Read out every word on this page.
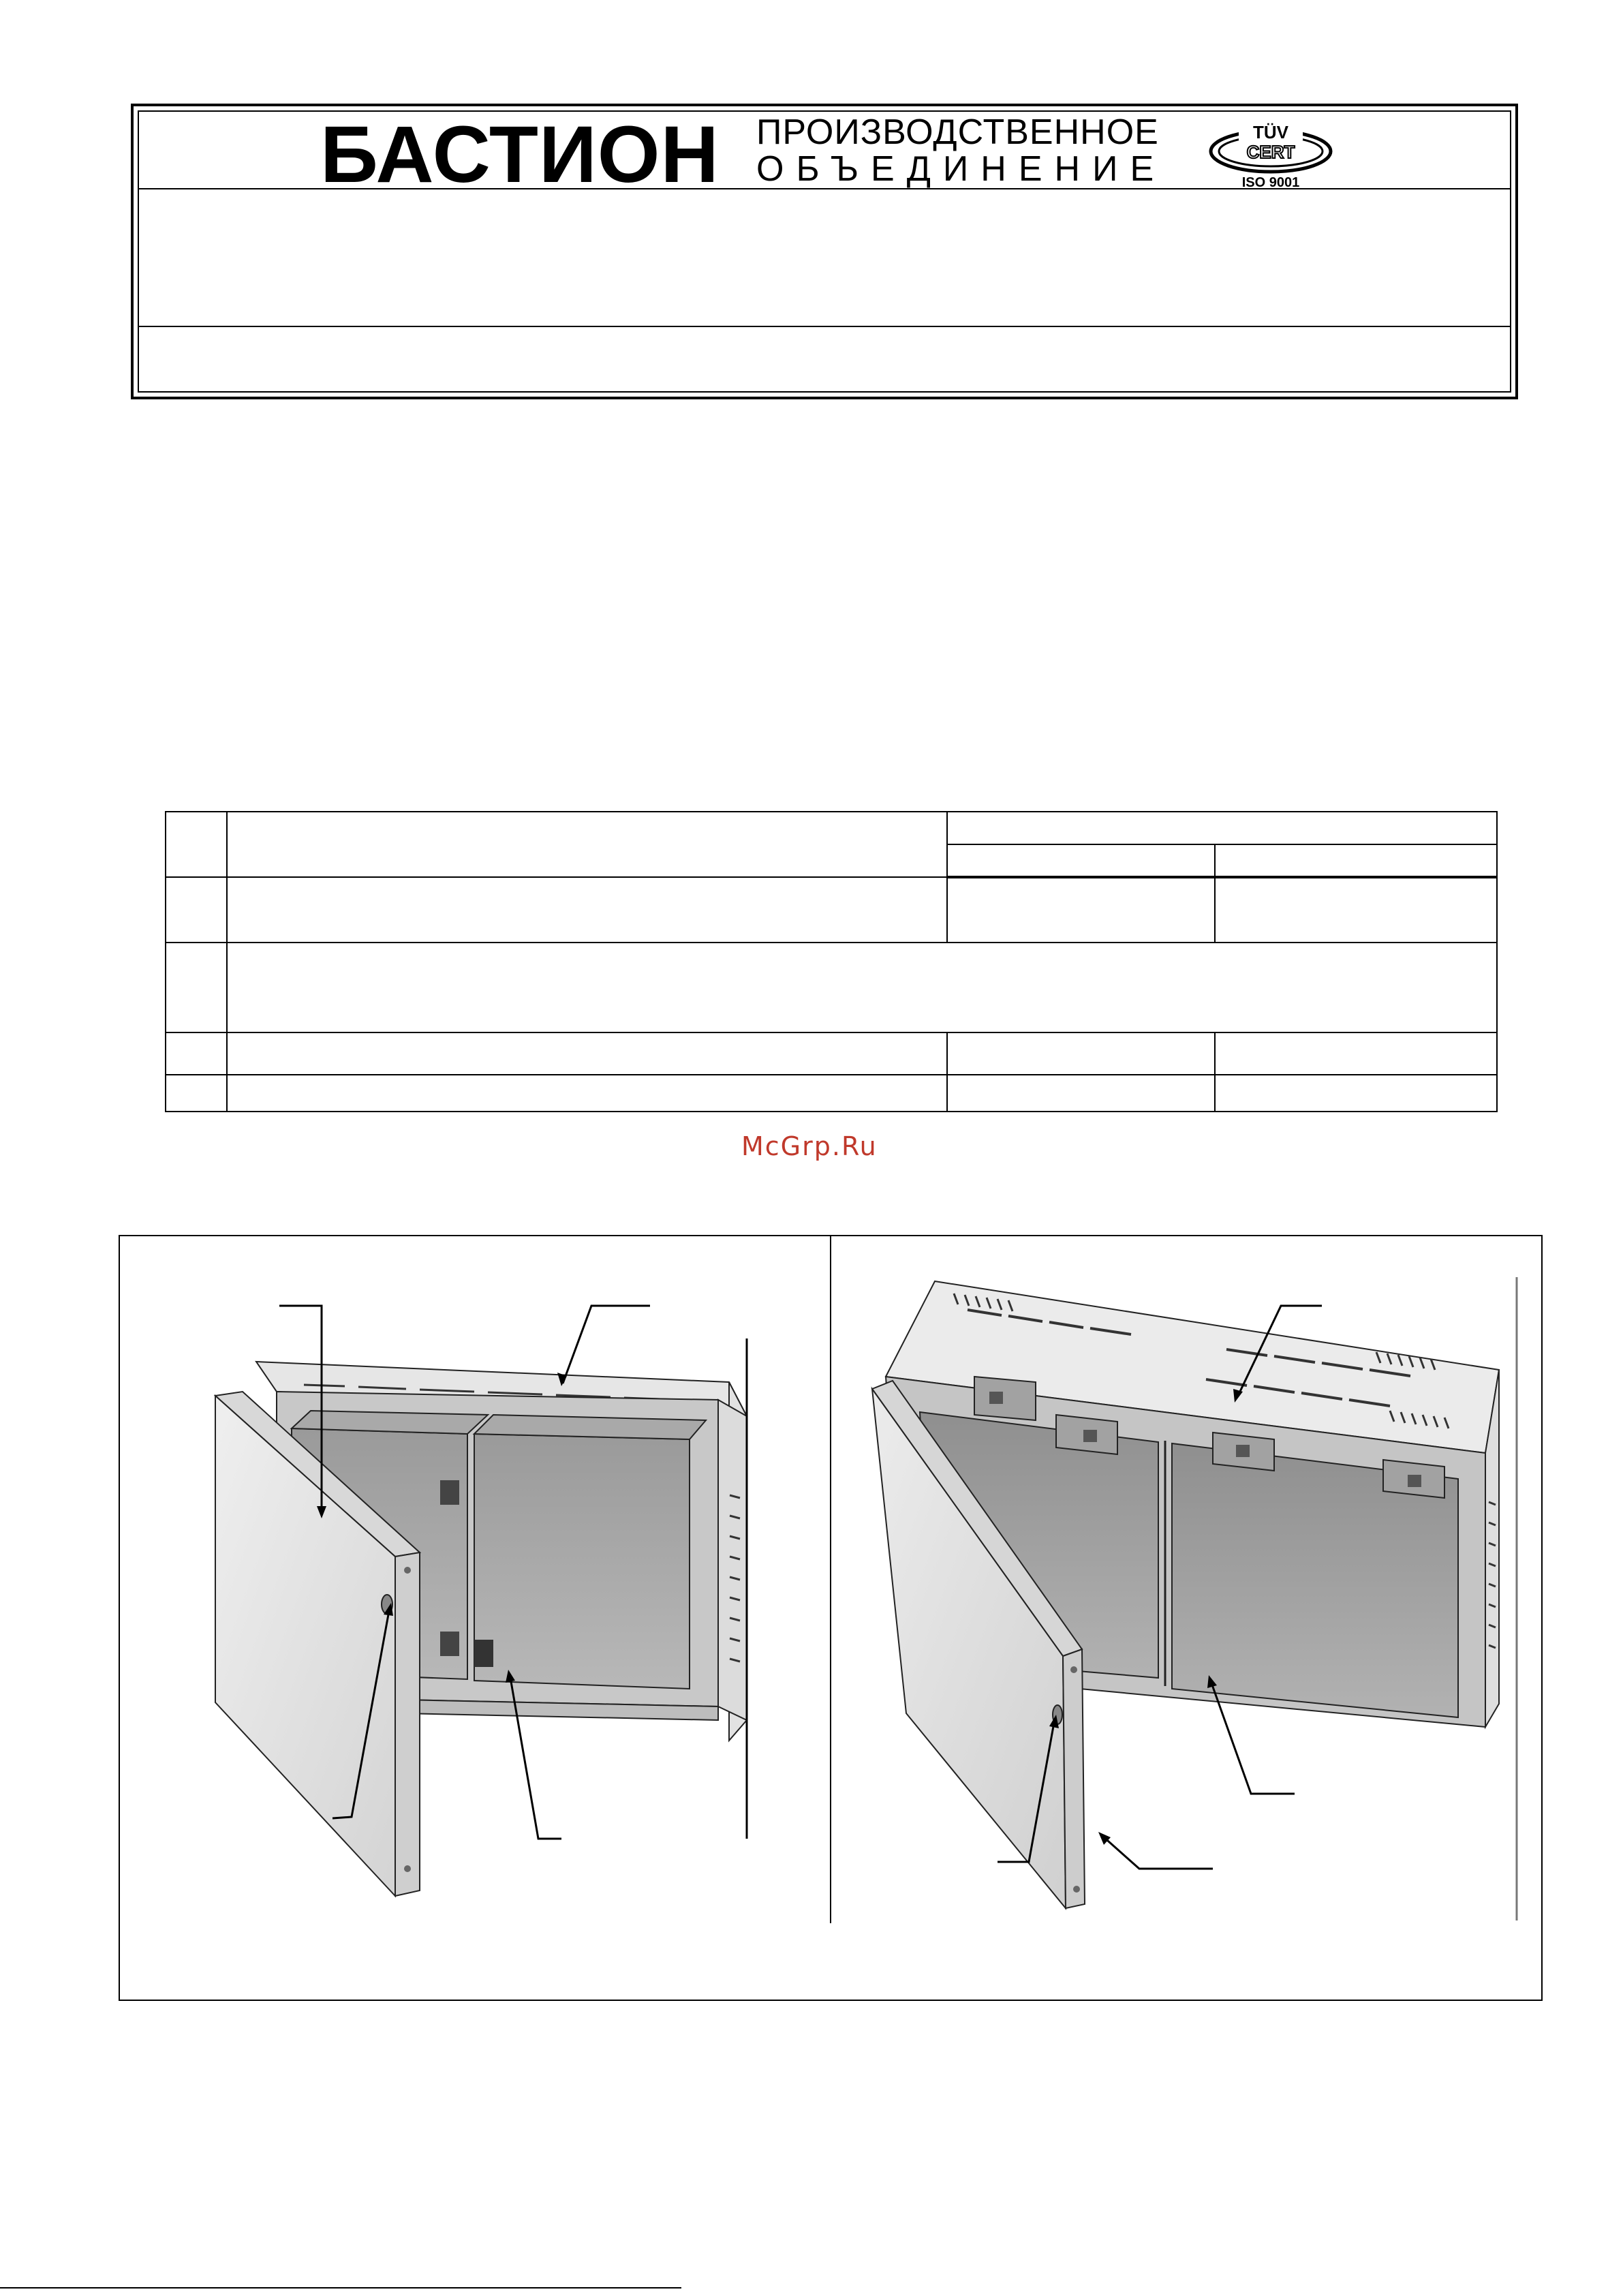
БАСТИОН ПРОИЗВОДСТВЕННОЕ
ОБЪЕДИНЕНИЕ
TÜV
CERT
ISO 9001

McGrp.Ru
